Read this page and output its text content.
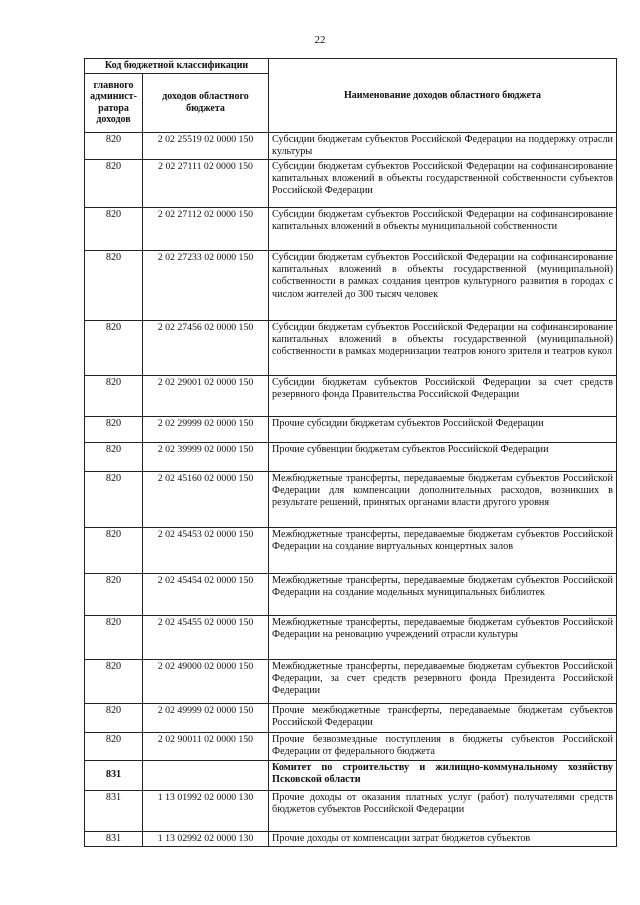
22
Код бюджетной классификации		Наименование доходов областного бюджета
главного админист-ратора доходов	доходов областного бюджета	
820	2 02 25519 02 0000 150	Субсидии бюджетам субъектов Российской Федерации на поддержку отрасли культуры
820	2 02 27111 02 0000 150	Субсидии бюджетам субъектов Российской Федерации на софинансирование капитальных вложений в объекты государственной собственности субъектов Российской Федерации
820	2 02 27112 02 0000 150	Субсидии бюджетам субъектов Российской Федерации на софинансирование капитальных вложений в объекты муниципальной собственности
820	2 02 27233 02 0000 150	Субсидии бюджетам субъектов Российской Федерации на софинансирование капитальных вложений в объекты государственной (муниципальной) собственности в рамках создания центров культурного развития в городах с числом жителей до 300 тысяч человек
820	2 02 27456 02 0000 150	Субсидии бюджетам субъектов Российской Федерации на софинансирование капитальных вложений в объекты государственной (муниципальной) собственности в рамках модернизации театров юного зрителя и театров кукол
820	2 02 29001 02 0000 150	Субсидии бюджетам субъектов Российской Федерации за счет средств резервного фонда Правительства Российской Федерации
820	2 02 29999 02 0000 150	Прочие субсидии бюджетам субъектов Российской Федерации
820	2 02 39999 02 0000 150	Прочие субвенции бюджетам субъектов Российской Федерации
820	2 02 45160 02 0000 150	Межбюджетные трансферты, передаваемые бюджетам субъектов Российской Федерации для компенсации дополнительных расходов, возникших в результате решений, принятых органами власти другого уровня
820	2 02 45453 02 0000 150	Межбюджетные трансферты, передаваемые бюджетам субъектов Российской Федерации на создание виртуальных концертных залов
820	2 02 45454 02 0000 150	Межбюджетные трансферты, передаваемые бюджетам субъектов Российской Федерации на создание модельных муниципальных библиотек
820	2 02 45455 02 0000 150	Межбюджетные трансферты, передаваемые бюджетам субъектов Российской Федерации на реновацию учреждений отрасли культуры
820	2 02 49000 02 0000 150	Межбюджетные трансферты, передаваемые бюджетам субъектов Российской Федерации, за счет средств резервного фонда Президента Российской Федерации
820	2 02 49999 02 0000 150	Прочие межбюджетные трансферты, передаваемые бюджетам субъектов Российской Федерации
820	2 02 90011 02 0000 150	Прочие безвозмездные поступления в бюджеты субъектов Российской Федерации от федерального бюджета
831		Комитет по строительству и жилищно-коммунальному хозяйству Псковской области
831	1 13 01992 02 0000 130	Прочие доходы от оказания платных услуг (работ) получателями средств бюджетов субъектов Российской Федерации
831	1 13 02992 02 0000 130	Прочие доходы от компенсации затрат бюджетов субъектов
